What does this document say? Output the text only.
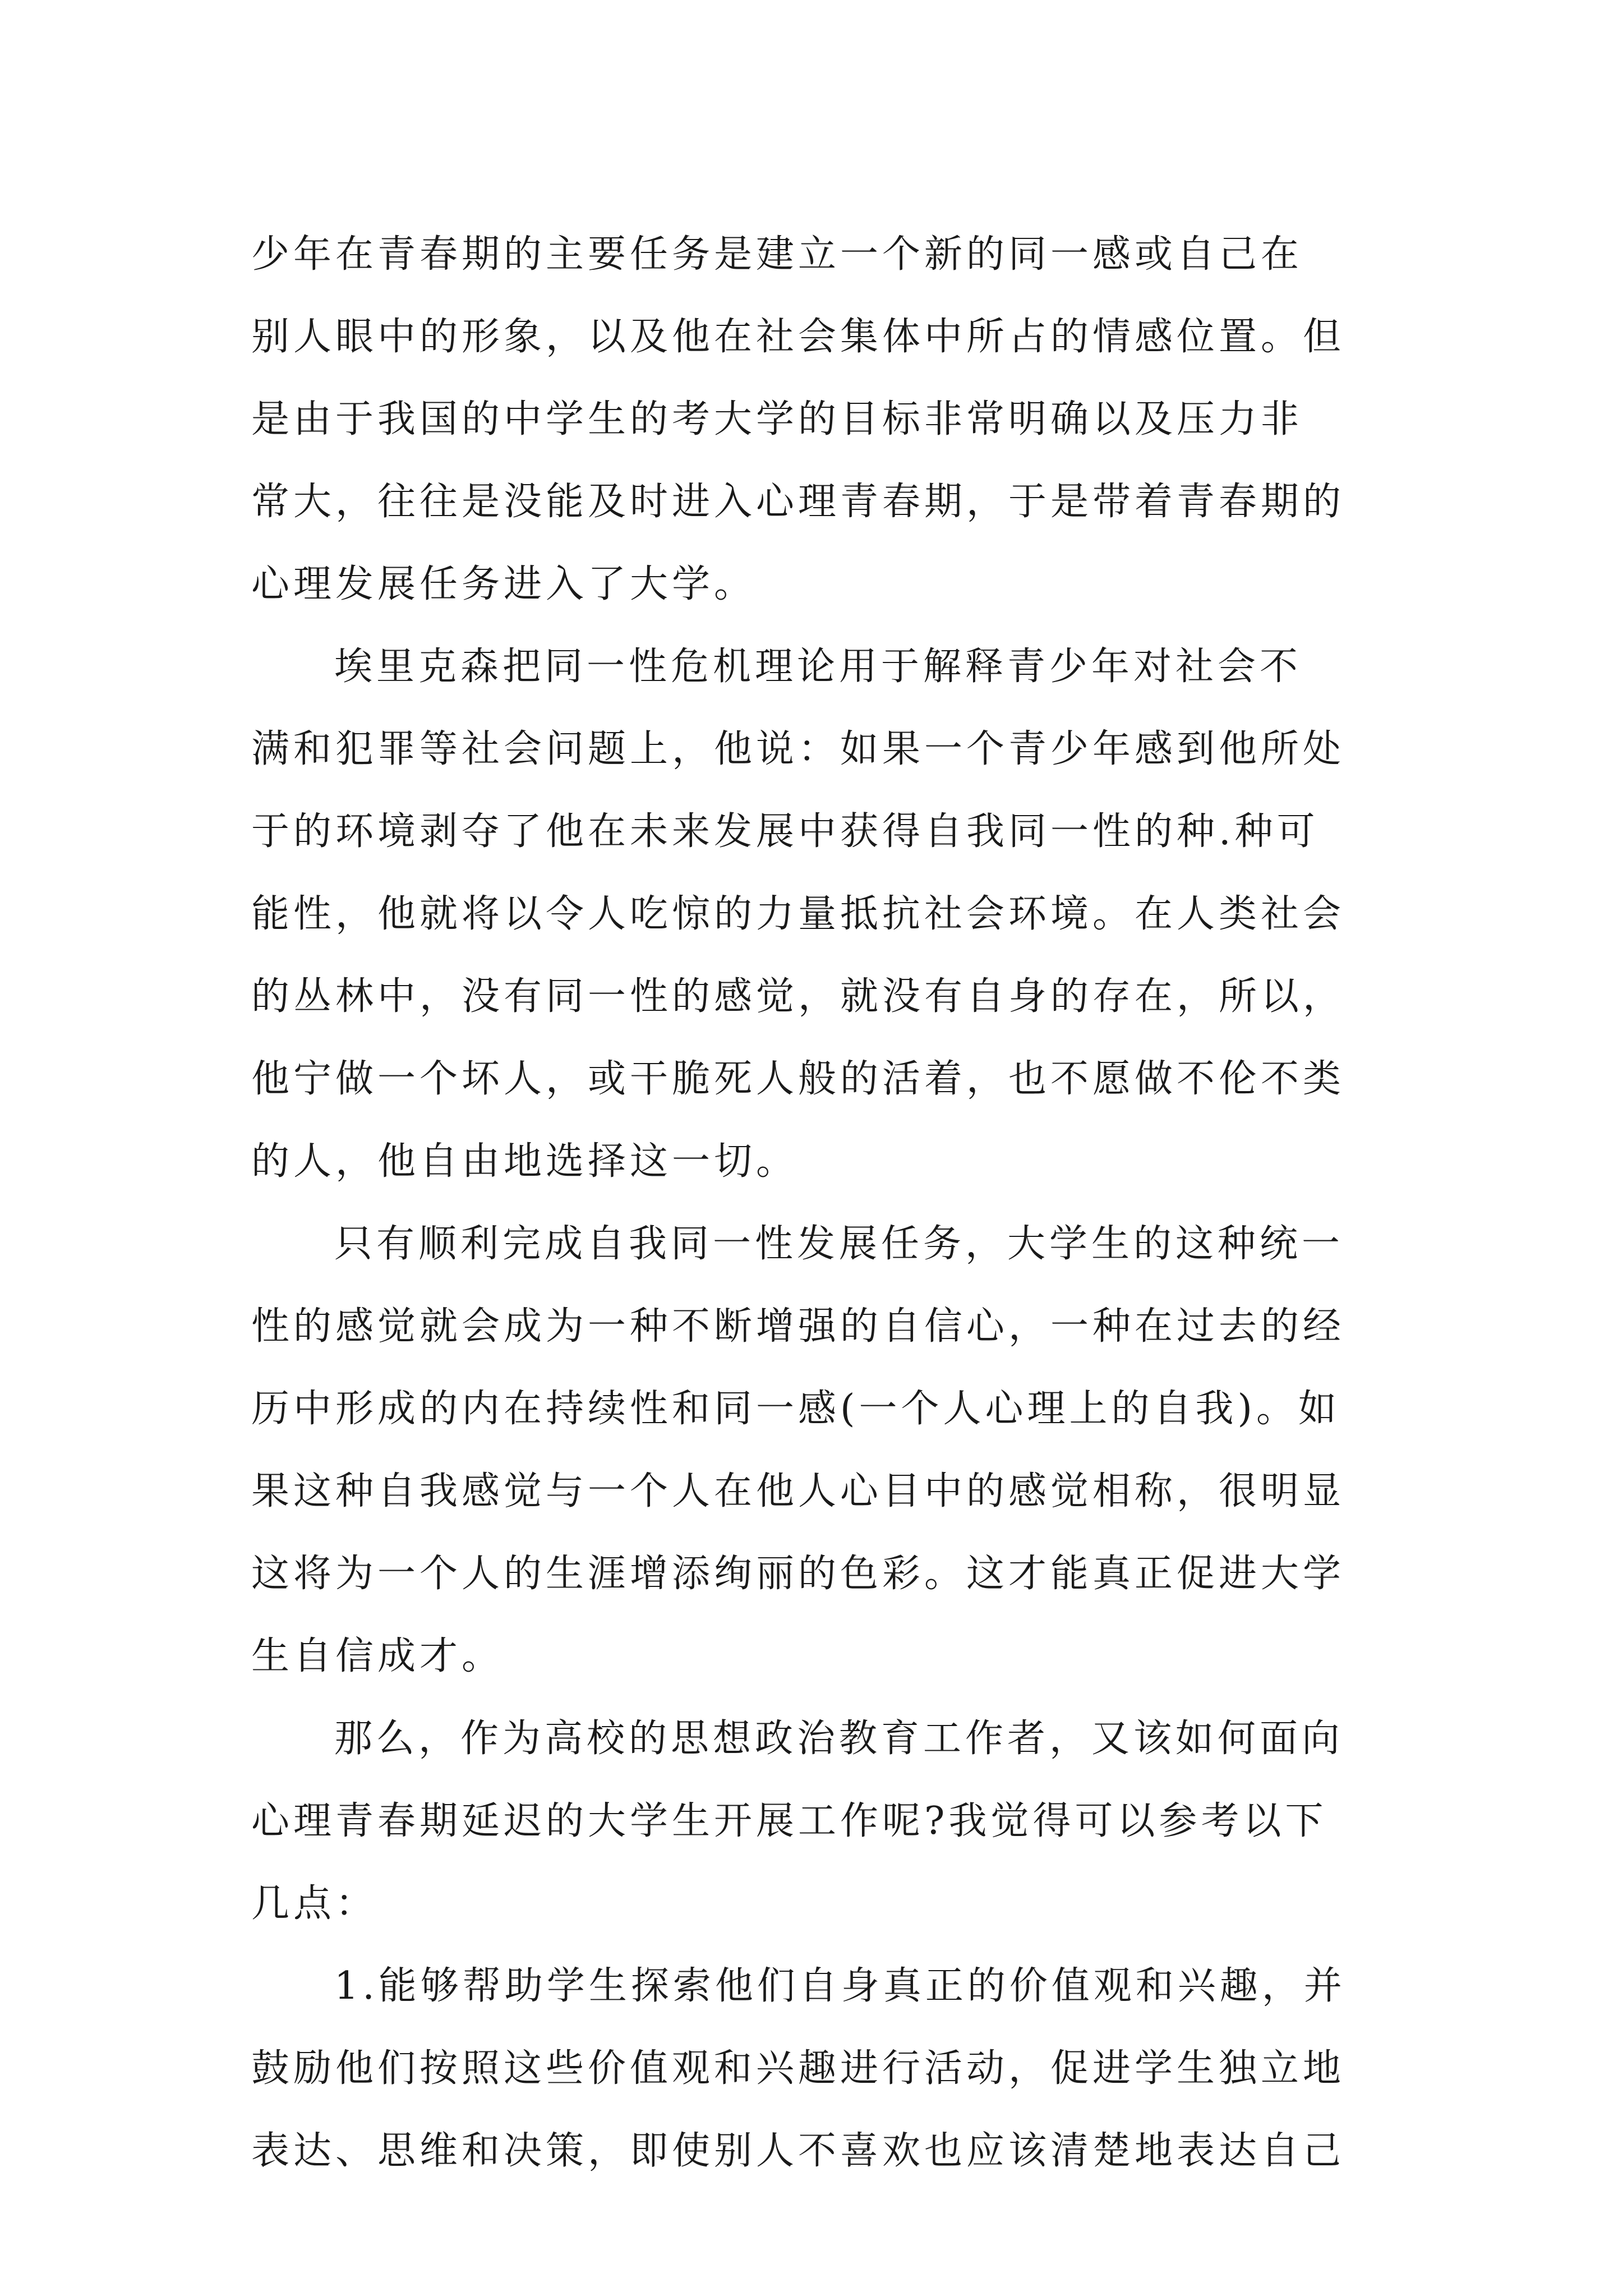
少年在青春期的主要任务是建立一个新的同一感或自己在
别人眼中的形象，以及他在社会集体中所占的情感位置。但
是由于我国的中学生的考大学的目标非常明确以及压力非
常大，往往是没能及时进入心理青春期，于是带着青春期的
心理发展任务进入了大学。
埃里克森把同一性危机理论用于解释青少年对社会不
满和犯罪等社会问题上，他说：如果一个青少年感到他所处
于的环境剥夺了他在未来发展中获得自我同一性的种.种可
能性，他就将以令人吃惊的力量抵抗社会环境。在人类社会
的丛林中，没有同一性的感觉，就没有自身的存在，所以，
他宁做一个坏人，或干脆死人般的活着，也不愿做不伦不类
的人，他自由地选择这一切。
只有顺利完成自我同一性发展任务，大学生的这种统一
性的感觉就会成为一种不断增强的自信心，一种在过去的经
历中形成的内在持续性和同一感(一个人心理上的自我)。如
果这种自我感觉与一个人在他人心目中的感觉相称，很明显
这将为一个人的生涯增添绚丽的色彩。这才能真正促进大学
生自信成才。
那么，作为高校的思想政治教育工作者，又该如何面向
心理青春期延迟的大学生开展工作呢?我觉得可以参考以下
几点：
1.能够帮助学生探索他们自身真正的价值观和兴趣，并
鼓励他们按照这些价值观和兴趣进行活动，促进学生独立地
表达、思维和决策，即使别人不喜欢也应该清楚地表达自己
